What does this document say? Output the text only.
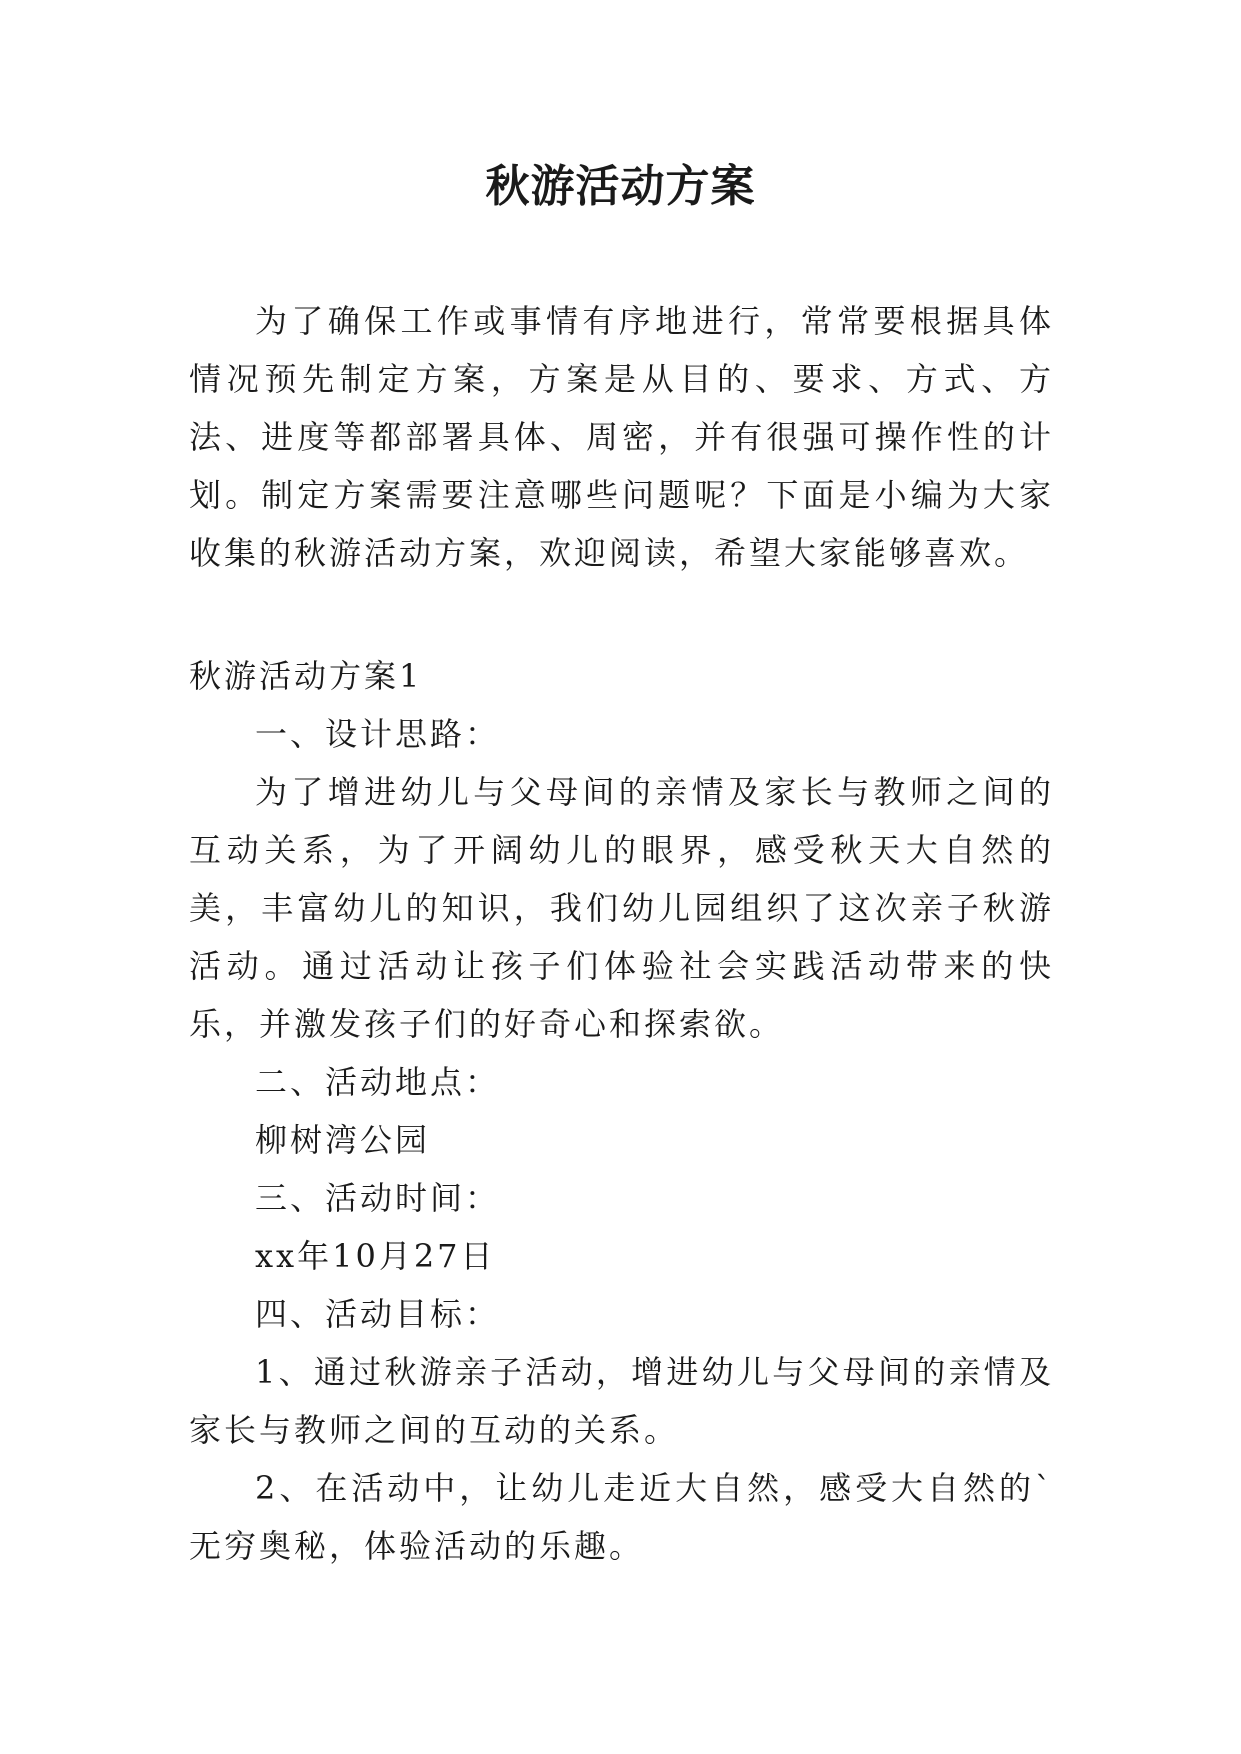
秋游活动方案

为了确保工作或事情有序地进行，常常要根据具体情况预先制定方案，方案是从目的、要求、方式、方法、进度等都部署具体、周密，并有很强可操作性的计划。制定方案需要注意哪些问题呢？下面是小编为大家收集的秋游活动方案，欢迎阅读，希望大家能够喜欢。

秋游活动方案1

一、设计思路：

为了增进幼儿与父母间的亲情及家长与教师之间的互动关系，为了开阔幼儿的眼界，感受秋天大自然的美，丰富幼儿的知识，我们幼儿园组织了这次亲子秋游活动。通过活动让孩子们体验社会实践活动带来的快乐，并激发孩子们的好奇心和探索欲。

二、活动地点：

柳树湾公园

三、活动时间：

xx年10月27日

四、活动目标：

1、通过秋游亲子活动，增进幼儿与父母间的亲情及家长与教师之间的互动的关系。

2、在活动中，让幼儿走近大自然，感受大自然的`无穷奥秘，体验活动的乐趣。
